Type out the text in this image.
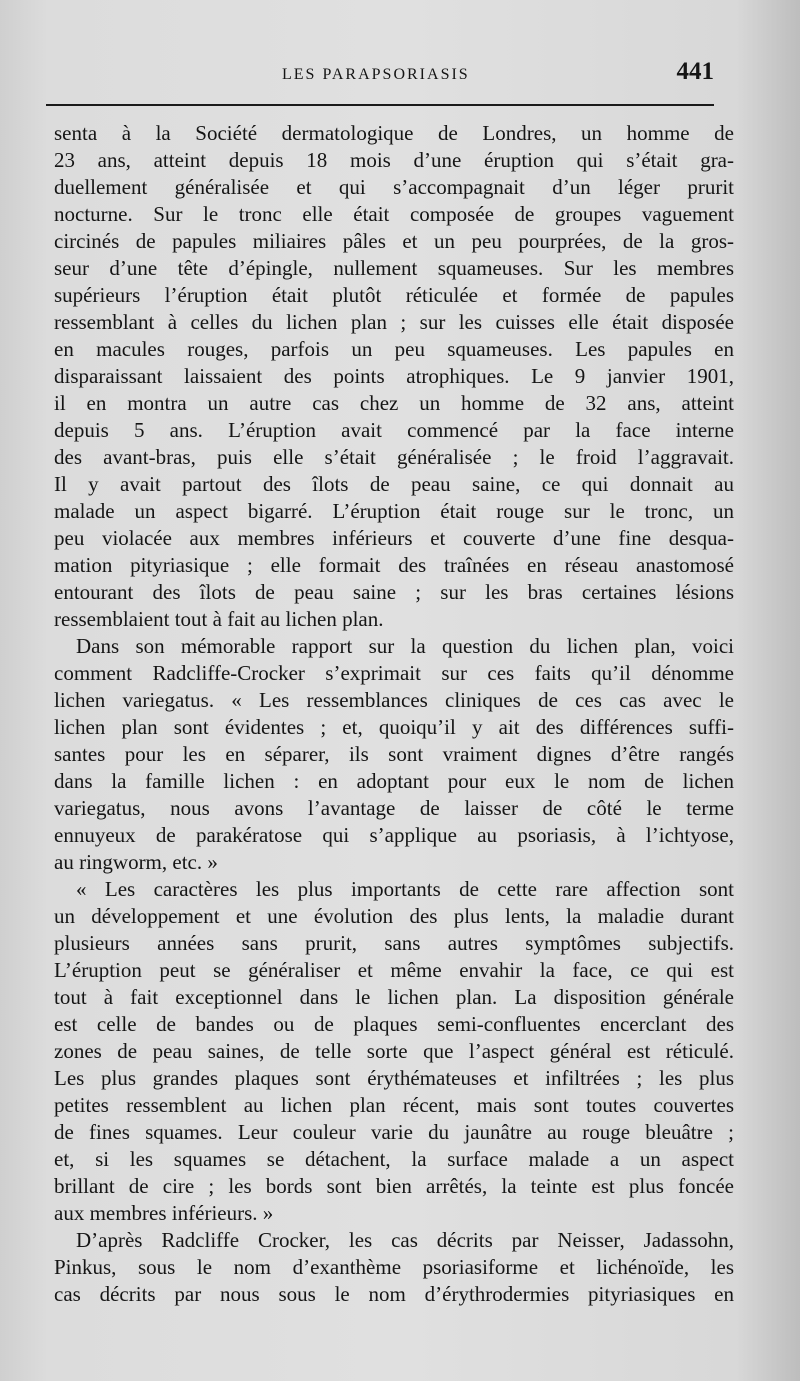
LES PARAPSORIASIS	441
senta à la Société dermatologique de Londres, un homme de
23 ans, atteint depuis 18 mois d’une éruption qui s’était gra-
duellement généralisée et qui s’accompagnait d’un léger prurit
nocturne. Sur le tronc elle était composée de groupes vaguement
circinés de papules miliaires pâles et un peu pourprées, de la gros-
seur d’une tête d’épingle, nullement squameuses. Sur les membres
supérieurs l’éruption était plutôt réticulée et formée de papules
ressemblant à celles du lichen plan ; sur les cuisses elle était disposée
en macules rouges, parfois un peu squameuses. Les papules en
disparaissant laissaient des points atrophiques. Le 9 janvier 1901,
il en montra un autre cas chez un homme de 32 ans, atteint
depuis 5 ans. L’éruption avait commencé par la face interne
des avant-bras, puis elle s’était généralisée ; le froid l’aggravait.
Il y avait partout des îlots de peau saine, ce qui donnait au
malade un aspect bigarré. L’éruption était rouge sur le tronc, un
peu violacée aux membres inférieurs et couverte d’une fine desqua-
mation pityriasique ; elle formait des traînées en réseau anastomosé
entourant des îlots de peau saine ; sur les bras certaines lésions
ressemblaient tout à fait au lichen plan.
Dans son mémorable rapport sur la question du lichen plan, voici
comment Radcliffe-Crocker s’exprimait sur ces faits qu’il dénomme
lichen variegatus. « Les ressemblances cliniques de ces cas avec le
lichen plan sont évidentes ; et, quoiqu’il y ait des différences suffi-
santes pour les en séparer, ils sont vraiment dignes d’être rangés
dans la famille lichen : en adoptant pour eux le nom de lichen
variegatus, nous avons l’avantage de laisser de côté le terme
ennuyeux de parakératose qui s’applique au psoriasis, à l’ichtyose,
au ringworm, etc. »
« Les caractères les plus importants de cette rare affection sont
un développement et une évolution des plus lents, la maladie durant
plusieurs années sans prurit, sans autres symptômes subjectifs.
L’éruption peut se généraliser et même envahir la face, ce qui est
tout à fait exceptionnel dans le lichen plan. La disposition générale
est celle de bandes ou de plaques semi-confluentes encerclant des
zones de peau saines, de telle sorte que l’aspect général est réticulé.
Les plus grandes plaques sont érythémateuses et infiltrées ; les plus
petites ressemblent au lichen plan récent, mais sont toutes couvertes
de fines squames. Leur couleur varie du jaunâtre au rouge bleuâtre ;
et, si les squames se détachent, la surface malade a un aspect
brillant de cire ; les bords sont bien arrêtés, la teinte est plus foncée
aux membres inférieurs. »
D’après Radcliffe Crocker, les cas décrits par Neisser, Jadassohn,
Pinkus, sous le nom d’exanthème psoriasiforme et lichénoïde, les
cas décrits par nous sous le nom d’érythrodermies pityriasiques en
